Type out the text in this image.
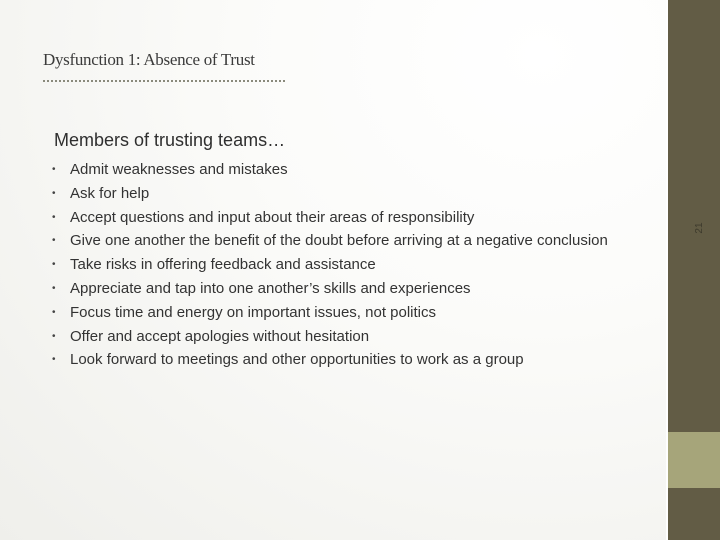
Dysfunction 1: Absence of Trust
Members of trusting teams…
• Admit weaknesses and mistakes
• Ask for help
• Accept questions and input about their areas of responsibility
• Give one another the benefit of the doubt before arriving at a negative conclusion
• Take risks in offering feedback and assistance
• Appreciate and tap into one another’s skills and experiences
• Focus time and energy on important issues, not politics
• Offer and accept apologies without hesitation
• Look forward to meetings and other opportunities to work as a group
21
